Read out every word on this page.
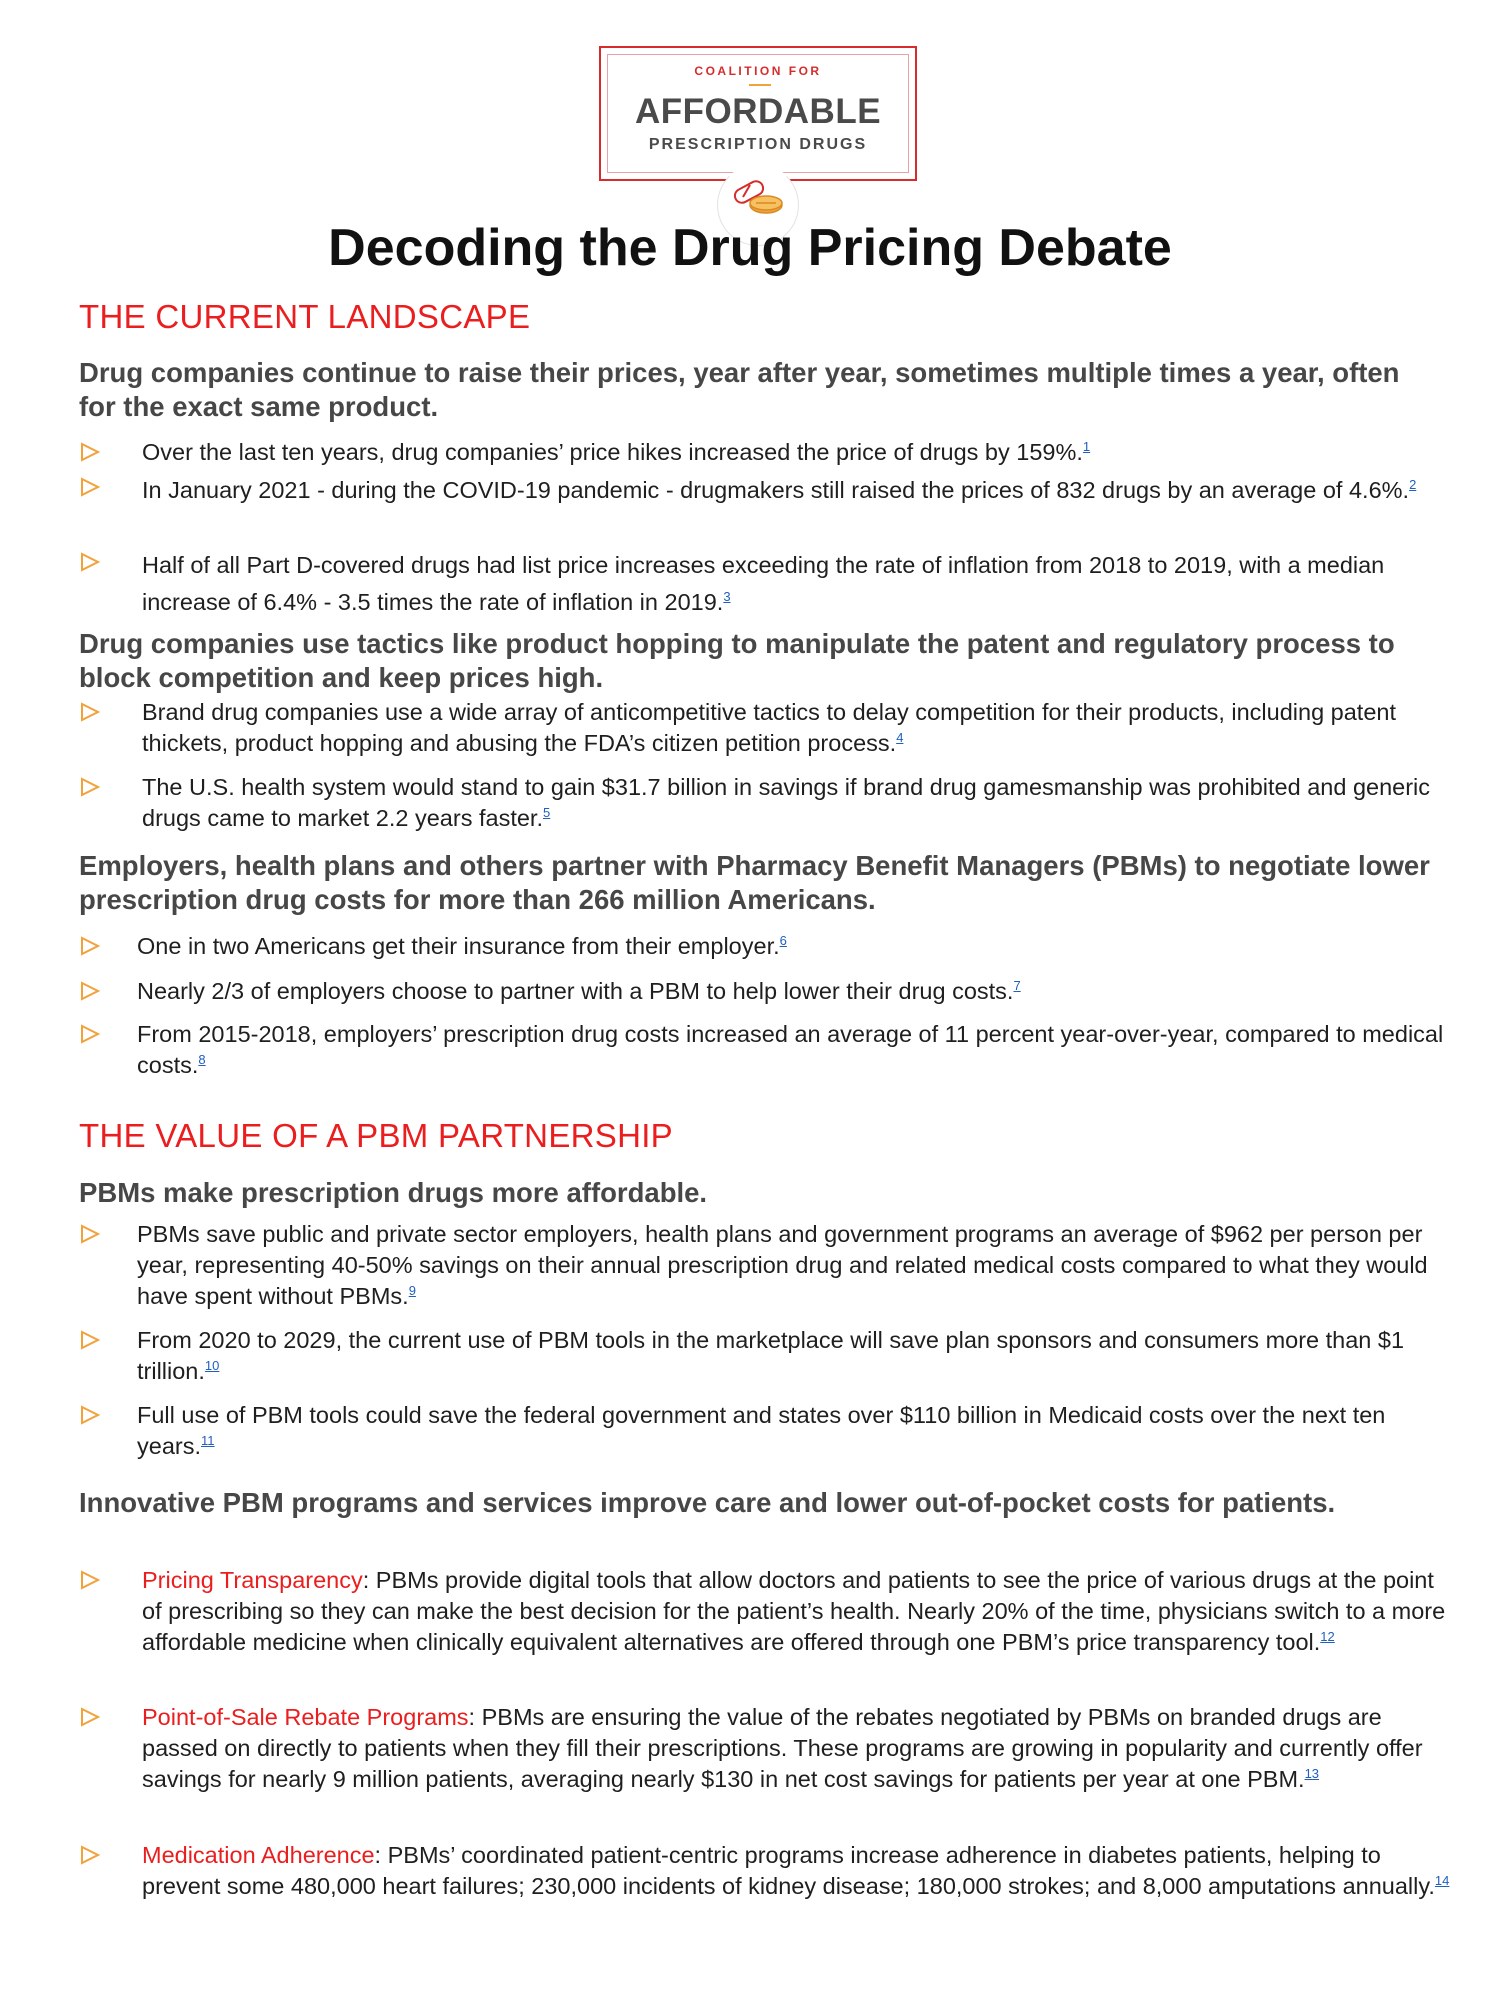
COALITION FOR
AFFORDABLE
PRESCRIPTION DRUGS
Decoding the Drug Pricing Debate
THE CURRENT LANDSCAPE
Drug companies continue to raise their prices, year after year, sometimes multiple times a year, often for the exact same product.
Over the last ten years, drug companies’ price hikes increased the price of drugs by 159%.$^1$
In January 2021 - during the COVID-19 pandemic - drugmakers still raised the prices of 832 drugs by an average of 4.6%.$^2$
Half of all Part D-covered drugs had list price increases exceeding the rate of inflation from 2018 to 2019, with a median increase of 6.4% - 3.5 times the rate of inflation in 2019.$^3$
Drug companies use tactics like product hopping to manipulate the patent and regulatory process to block competition and keep prices high.
Brand drug companies use a wide array of anticompetitive tactics to delay competition for their products, including patent thickets, product hopping and abusing the FDA’s citizen petition process.$^4$
The U.S. health system would stand to gain $31.7 billion in savings if brand drug gamesmanship was prohibited and generic drugs came to market 2.2 years faster.$^5$
Employers, health plans and others partner with Pharmacy Benefit Managers (PBMs) to negotiate lower prescription drug costs for more than 266 million Americans.
One in two Americans get their insurance from their employer.$^6$
Nearly 2/3 of employers choose to partner with a PBM to help lower their drug costs.$^7$
From 2015-2018, employers’ prescription drug costs increased an average of 11 percent year-over-year, compared to medical costs.$^8$
THE VALUE OF A PBM PARTNERSHIP
PBMs make prescription drugs more affordable.
PBMs save public and private sector employers, health plans and government programs an average of $962 per person per year, representing 40-50% savings on their annual prescription drug and related medical costs compared to what they would have spent without PBMs.$^9$
From 2020 to 2029, the current use of PBM tools in the marketplace will save plan sponsors and consumers more than $1 trillion.$^{10}$
Full use of PBM tools could save the federal government and states over $110 billion in Medicaid costs over the next ten years.$^{11}$
Innovative PBM programs and services improve care and lower out-of-pocket costs for patients.
Pricing Transparency: PBMs provide digital tools that allow doctors and patients to see the price of various drugs at the point of prescribing so they can make the best decision for the patient’s health. Nearly 20% of the time, physicians switch to a more affordable medicine when clinically equivalent alternatives are offered through one PBM’s price transparency tool.$^{12}$
Point-of-Sale Rebate Programs: PBMs are ensuring the value of the rebates negotiated by PBMs on branded drugs are passed on directly to patients when they fill their prescriptions. These programs are growing in popularity and currently offer savings for nearly 9 million patients, averaging nearly $130 in net cost savings for patients per year at one PBM.$^{13}$
Medication Adherence: PBMs’ coordinated patient-centric programs increase adherence in diabetes patients, helping to prevent some 480,000 heart failures; 230,000 incidents of kidney disease; 180,000 strokes; and 8,000 amputations annually.$^{14}$
